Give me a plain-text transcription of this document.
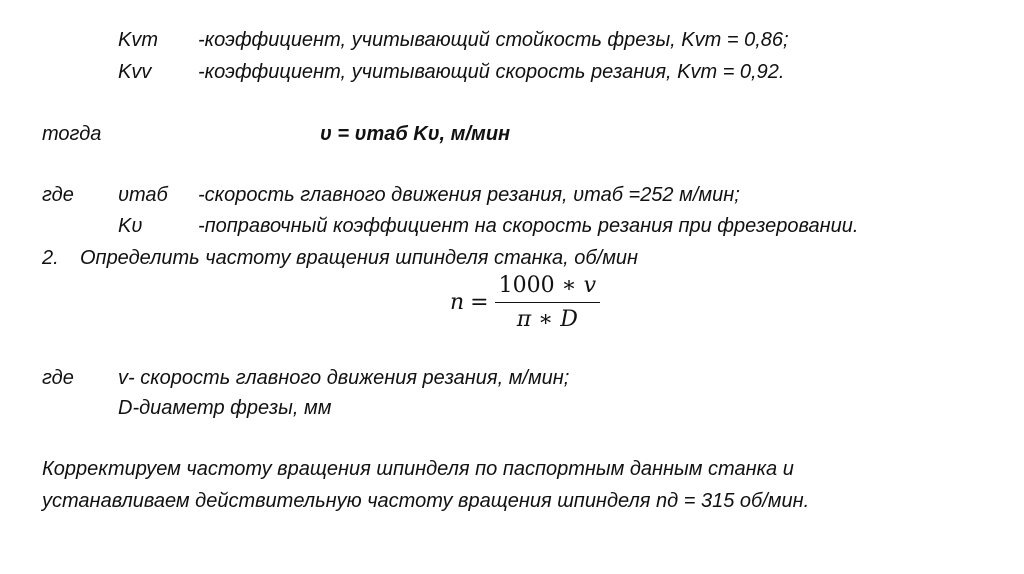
Kvт -коэффициент, учитывающий стойкость фрезы, Kvт = 0,86;
Kvv -коэффициент, учитывающий скорость резания, Kvт = 0,92.
тогда	υ = υтаб Kυ, м/мин
где υтаб -скорость главного движения резания, υтаб =252 м/мин;
Kυ	-поправочный коэффициент на скорость резания при фрезеровании.
2. Определить частоту вращения шпинделя станка, об/мин
$n = \frac{1000 ∗ v}{\pi ∗ D}$
где v- скорость главного движения резания, м/мин;
D-диаметр фрезы, мм
Корректируем частоту вращения шпинделя по паспортным данным станка и
устанавливаем действительную частоту вращения шпинделя nд = 315 об/мин.
